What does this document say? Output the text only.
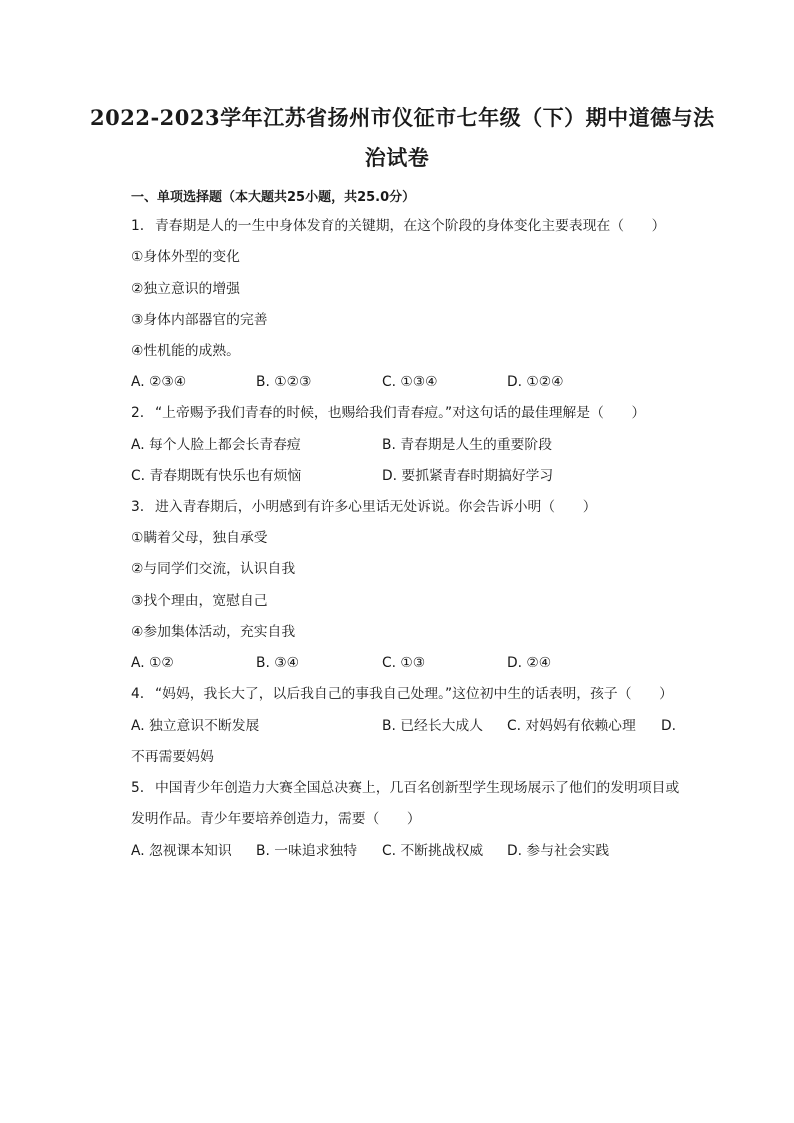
2022-2023学年江苏省扬州市仪征市七年级（下）期中道德与法
治试卷
一、单项选择题（本大题共25小题，共25.0分）
1. 青春期是人的一生中身体发育的关键期，在这个阶段的身体变化主要表现在（　　）
①身体外型的变化
②独立意识的增强
③身体内部器官的完善
④性机能的成熟。
A. ②③④	B. ①②③	C. ①③④	D. ①②④
2. “上帝赐予我们青春的时候，也赐给我们青春痘。”对这句话的最佳理解是（　　）
A. 每个人脸上都会长青春痘	B. 青春期是人生的重要阶段
C. 青春期既有快乐也有烦恼	D. 要抓紧青春时期搞好学习
3. 进入青春期后，小明感到有许多心里话无处诉说。你会告诉小明（　　）
①瞒着父母，独自承受
②与同学们交流，认识自我
③找个理由，宽慰自己
④参加集体活动，充实自我
A. ①②	B. ③④	C. ①③	D. ②④
4. “妈妈，我长大了，以后我自己的事我自己处理。”这位初中生的话表明，孩子（　　）
A. 独立意识不断发展	B. 已经长大成人 C. 对妈妈有依赖心理 D.
不再需要妈妈
5. 中国青少年创造力大赛全国总决赛上，几百名创新型学生现场展示了他们的发明项目或
发明作品。青少年要培养创造力，需要（　　）
A. 忽视课本知识 B. 一味追求独特 C. 不断挑战权威 D. 参与社会实践
